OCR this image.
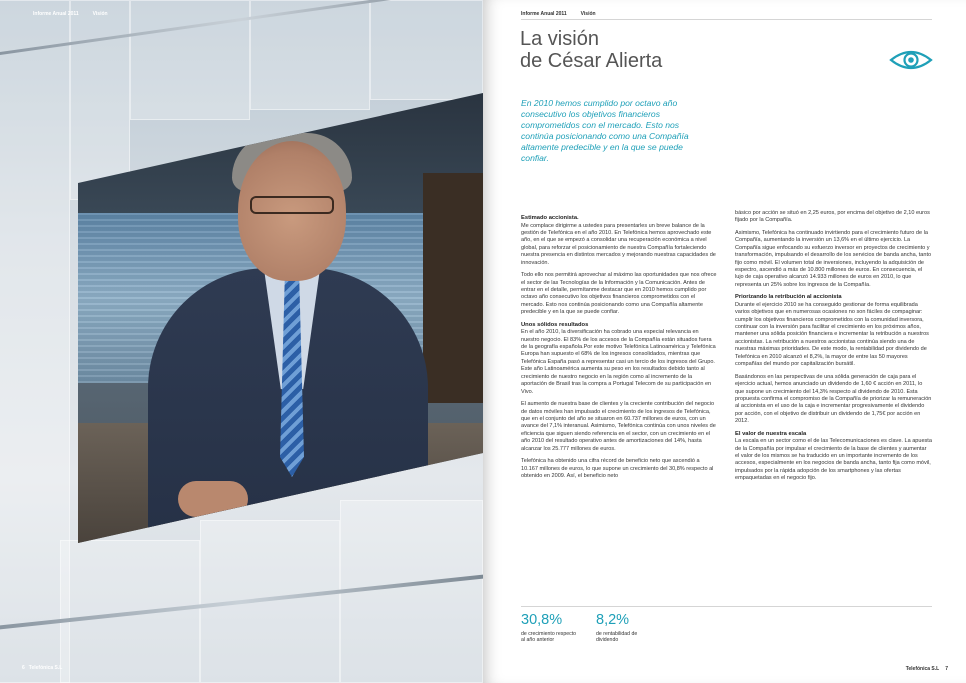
Informe Anual 2011	Visión
6 Telefónica S.L
Informe Anual 2011	Visión
La visión
de César Alierta

En 2010 hemos cumplido por octavo año consecutivo los objetivos financieros comprometidos con el mercado. Esto nos continúa posicionando como una Compañía altamente predecible y en la que se puede confiar.

Estimado accionista.
Me complace dirigirme a ustedes para presentarles un breve balance de la gestión de Telefónica en el año 2010. En Telefónica hemos aprovechado este año, en el que se empezó a consolidar una recuperación económica a nivel global, para reforzar el posicionamiento de nuestra Compañía fortaleciendo nuestra presencia en distintos mercados y mejorando nuestras capacidades de innovación.

Todo ello nos permitirá aprovechar al máximo las oportunidades que nos ofrece el sector de las Tecnologías de la Información y la Comunicación. Antes de entrar en el detalle, permítanme destacar que en 2010 hemos cumplido por octavo año consecutivo los objetivos financieros comprometidos con el mercado. Esto nos continúa posicionando como una Compañía altamente predecible y en la que se puede confiar.

Unos sólidos resultados
En el año 2010, la diversificación ha cobrado una especial relevancia en nuestro negocio. El 83% de los accesos de la Compañía están situados fuera de la geografía española.Por este motivo Telefónica Latinoamérica y Telefónica Europa han supuesto el 68% de los ingresos consolidados, mientras que Telefónica España pasó a representar casi un tercio de los ingresos del Grupo. Este año Latinoamérica aumenta su peso en los resultados debido tanto al crecimiento de nuestro negocio en la región como al incremento de la aportación de Brasil tras la compra a Portugal Telecom de su participación en Vivo.

El aumento de nuestra base de clientes y la creciente contribución del negocio de datos móviles han impulsado el crecimiento de los ingresos de Telefónica, que en el conjunto del año se situaron en 60.737 millones de euros, con un avance del 7,1% interanual. Asimismo, Telefónica continúa con unos niveles de eficiencia que siguen siendo referencia en el sector, con un crecimiento en el año 2010 del resultado operativo antes de amortizaciones del 14%, hasta alcanzar los 25.777 millones de euros.

Telefónica ha obtenido una cifra récord de beneficio neto que ascendió a 10.167 millones de euros, lo que supone un crecimiento del 30,8% respecto al obtenido en 2009. Así, el beneficio neto

básico por acción se situó en 2,25 euros, por encima del objetivo de 2,10 euros fijado por la Compañía.

Asimismo, Telefónica ha continuado invirtiendo para el crecimiento futuro de la Compañía, aumentando la inversión un 13,6% en el último ejercicio. La Compañía sigue enfocando su esfuerzo inversor en proyectos de crecimiento y transformación, impulsando el desarrollo de los servicios de banda ancha, tanto fijo como móvil. El volumen total de inversiones, incluyendo la adquisición de espectro, ascendió a más de 10.800 millones de euros. En consecuencia, el lujo de caja operativo alcanzó 14.933 millones de euros en 2010, lo que representa un 25% sobre los ingresos de la Compañía.

Priorizando la retribución al accionista
Durante el ejercicio 2010 se ha conseguido gestionar de forma equilibrada varios objetivos que en numerosas ocasiones no son fáciles de compaginar: cumplir los objetivos financieros comprometidos con la comunidad inversora, continuar con la inversión para facilitar el crecimiento en los próximos años, mantener una sólida posición financiera e incrementar la retribución a nuestros accionistas. La retribución a nuestros accionistas continúa siendo una de nuestras máximas prioridades. De este modo, la rentabilidad por dividendo de Telefónica en 2010 alcanzó el 8,2%, la mayor de entre las 50 mayores compañías del mundo por capitalización bursátil.

Basándonos en las perspectivas de una sólida generación de caja para el ejercicio actual, hemos anunciado un dividendo de 1,60 € acción en 2011, lo que supone un crecimiento del 14,3% respecto al dividendo de 2010. Esta propuesta confirma el compromiso de la Compañía de priorizar la remuneración al accionista en el uso de la caja e incrementar progresivamente el dividendo por acción, con el objetivo de distribuir un dividendo de 1,75€ por acción en 2012.

El valor de nuestra escala
La escala en un sector como el de las Telecomunicaciones es clave. La apuesta de la Compañía por impulsar el crecimiento de la base de clientes y aumentar el valor de los mismos se ha traducido en un importante incremento de los accesos, especialmente en los negocios de banda ancha, tanto fija como móvil, impulsados por la rápida adopción de los smartphones y las ofertas empaquetadas en el negocio fijo.

30,8%
de crecimiento respecto al año anterior
8,2%
de rentabilidad de dividendo
Telefónica S.L 7
